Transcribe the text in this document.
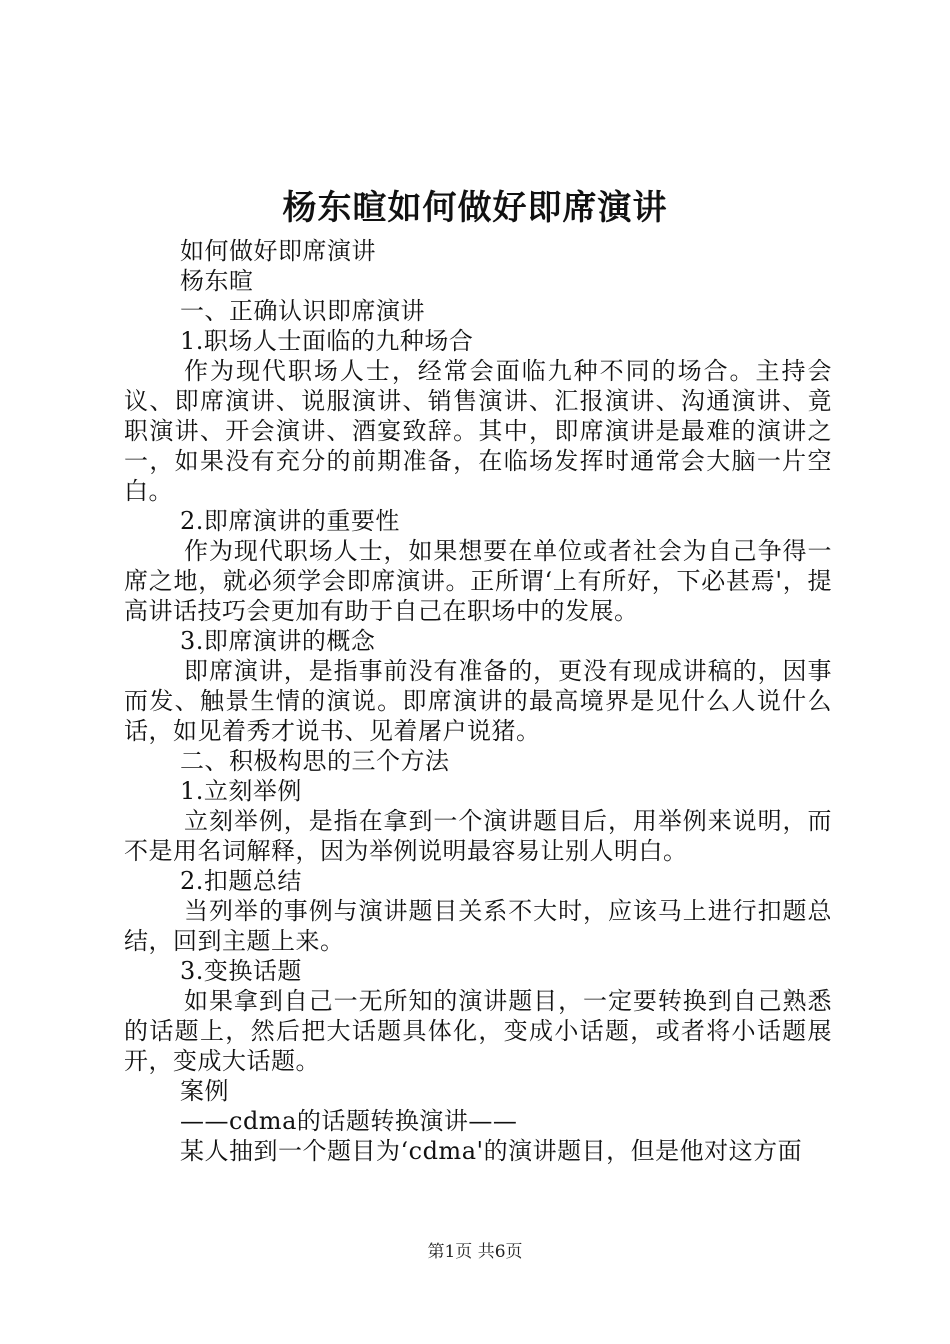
杨东暄如何做好即席演讲

如何做好即席演讲

杨东暄

一、正确认识即席演讲

1.职场人士面临的九种场合

作为现代职场人士，经常会面临九种不同的场合。主持会议、即席演讲、说服演讲、销售演讲、汇报演讲、沟通演讲、竟职演讲、开会演讲、酒宴致辞。其中，即席演讲是最难的演讲之一，如果没有充分的前期准备，在临场发挥时通常会大脑一片空白。

2.即席演讲的重要性

作为现代职场人士，如果想要在单位或者社会为自己争得一席之地，就必须学会即席演讲。正所谓‘上有所好，下必甚焉'，提高讲话技巧会更加有助于自己在职场中的发展。

3.即席演讲的概念

即席演讲，是指事前没有准备的，更没有现成讲稿的，因事而发、触景生情的演说。即席演讲的最高境界是见什么人说什么话，如见着秀才说书、见着屠户说猪。

二、积极构思的三个方法

1.立刻举例

立刻举例，是指在拿到一个演讲题目后，用举例来说明，而不是用名词解释，因为举例说明最容易让别人明白。

2.扣题总结

当列举的事例与演讲题目关系不大时，应该马上进行扣题总结，回到主题上来。

3.变换话题

如果拿到自己一无所知的演讲题目，一定要转换到自己熟悉的话题上，然后把大话题具体化，变成小话题，或者将小话题展开，变成大话题。

案例

——cdma的话题转换演讲——

某人抽到一个题目为‘cdma'的演讲题目，但是他对这方面

第1页 共6页
